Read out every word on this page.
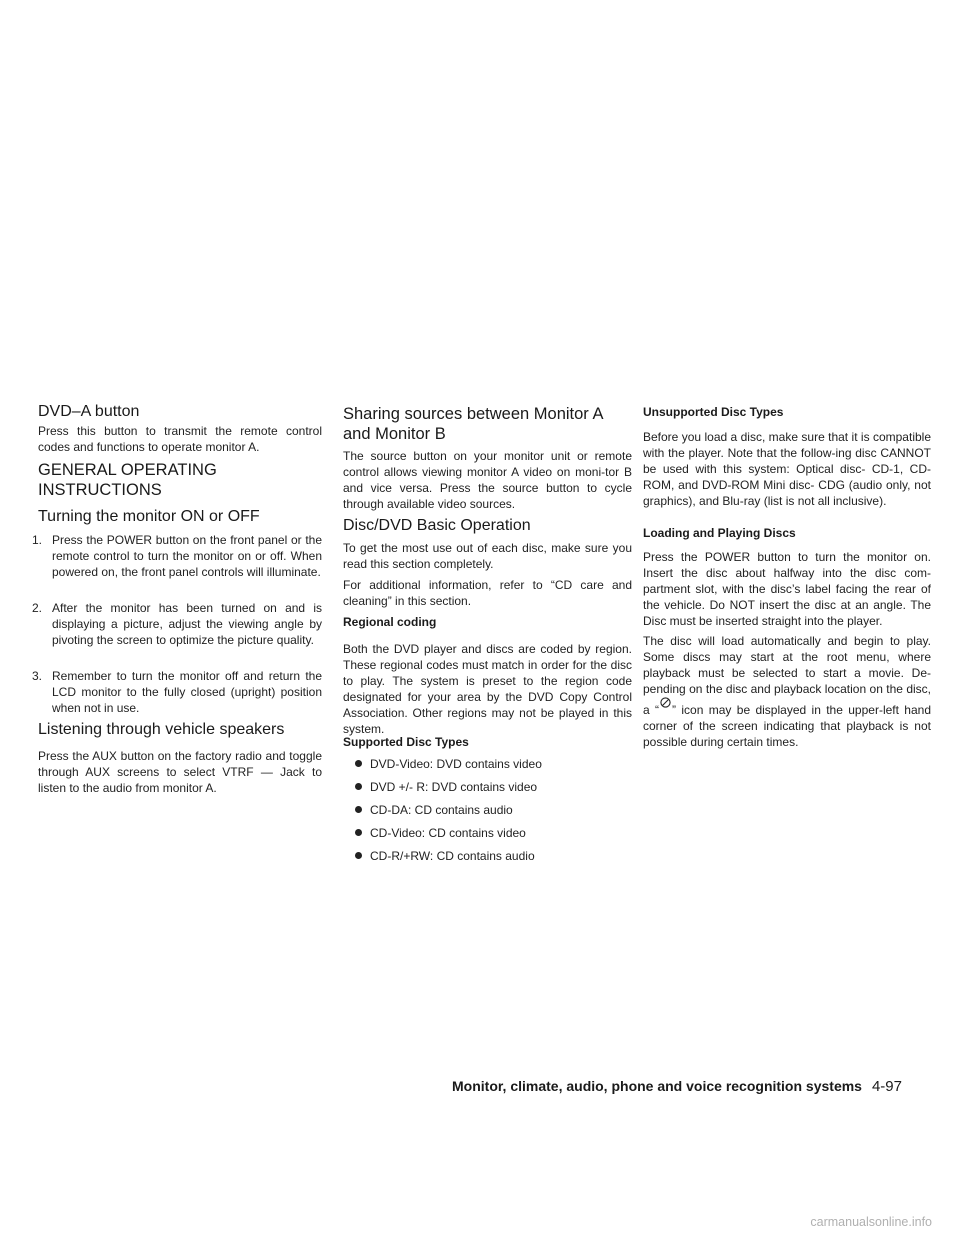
DVD–A button
Press this button to transmit the remote control codes and functions to operate monitor A.
GENERAL OPERATING INSTRUCTIONS
Turning the monitor ON or OFF
1. Press the POWER button on the front panel or the remote control to turn the monitor on or off. When powered on, the front panel controls will illuminate.
2. After the monitor has been turned on and is displaying a picture, adjust the viewing angle by pivoting the screen to optimize the picture quality.
3. Remember to turn the monitor off and return the LCD monitor to the fully closed (upright) position when not in use.
Listening through vehicle speakers
Press the AUX button on the factory radio and toggle through AUX screens to select VTRF — Jack to listen to the audio from monitor A.
Sharing sources between Monitor A and Monitor B
The source button on your monitor unit or remote control allows viewing monitor A video on moni-tor B and vice versa. Press the source button to cycle through available video sources.
Disc/DVD Basic Operation
To get the most use out of each disc, make sure you read this section completely.
For additional information, refer to “CD care and cleaning” in this section.
Regional coding
Both the DVD player and discs are coded by region. These regional codes must match in order for the disc to play. The system is preset to the region code designated for your area by the DVD Copy Control Association. Other regions may not be played in this system.
Supported Disc Types
DVD-Video: DVD contains video
DVD +/- R: DVD contains video
CD-DA: CD contains audio
CD-Video: CD contains video
CD-R/+RW: CD contains audio
Unsupported Disc Types
Before you load a disc, make sure that it is compatible with the player. Note that the follow-ing disc CANNOT be used with this system: Optical disc- CD-1, CD-ROM, and DVD-ROM Mini disc- CDG (audio only, not graphics), and Blu-ray (list is not all inclusive).
Loading and Playing Discs
Press the POWER button to turn the monitor on. Insert the disc about halfway into the disc com-partment slot, with the disc’s label facing the rear of the vehicle. Do NOT insert the disc at an angle. The Disc must be inserted straight into the player.
The disc will load automatically and begin to play. Some discs may start at the root menu, where playback must be selected to start a movie. De-pending on the disc and playback location on the disc, a “ ” icon may be displayed in the upper-left hand corner of the screen indicating that playback is not possible during certain times.
Monitor, climate, audio, phone and voice recognition systems 4-97
carmanualsonline.info
